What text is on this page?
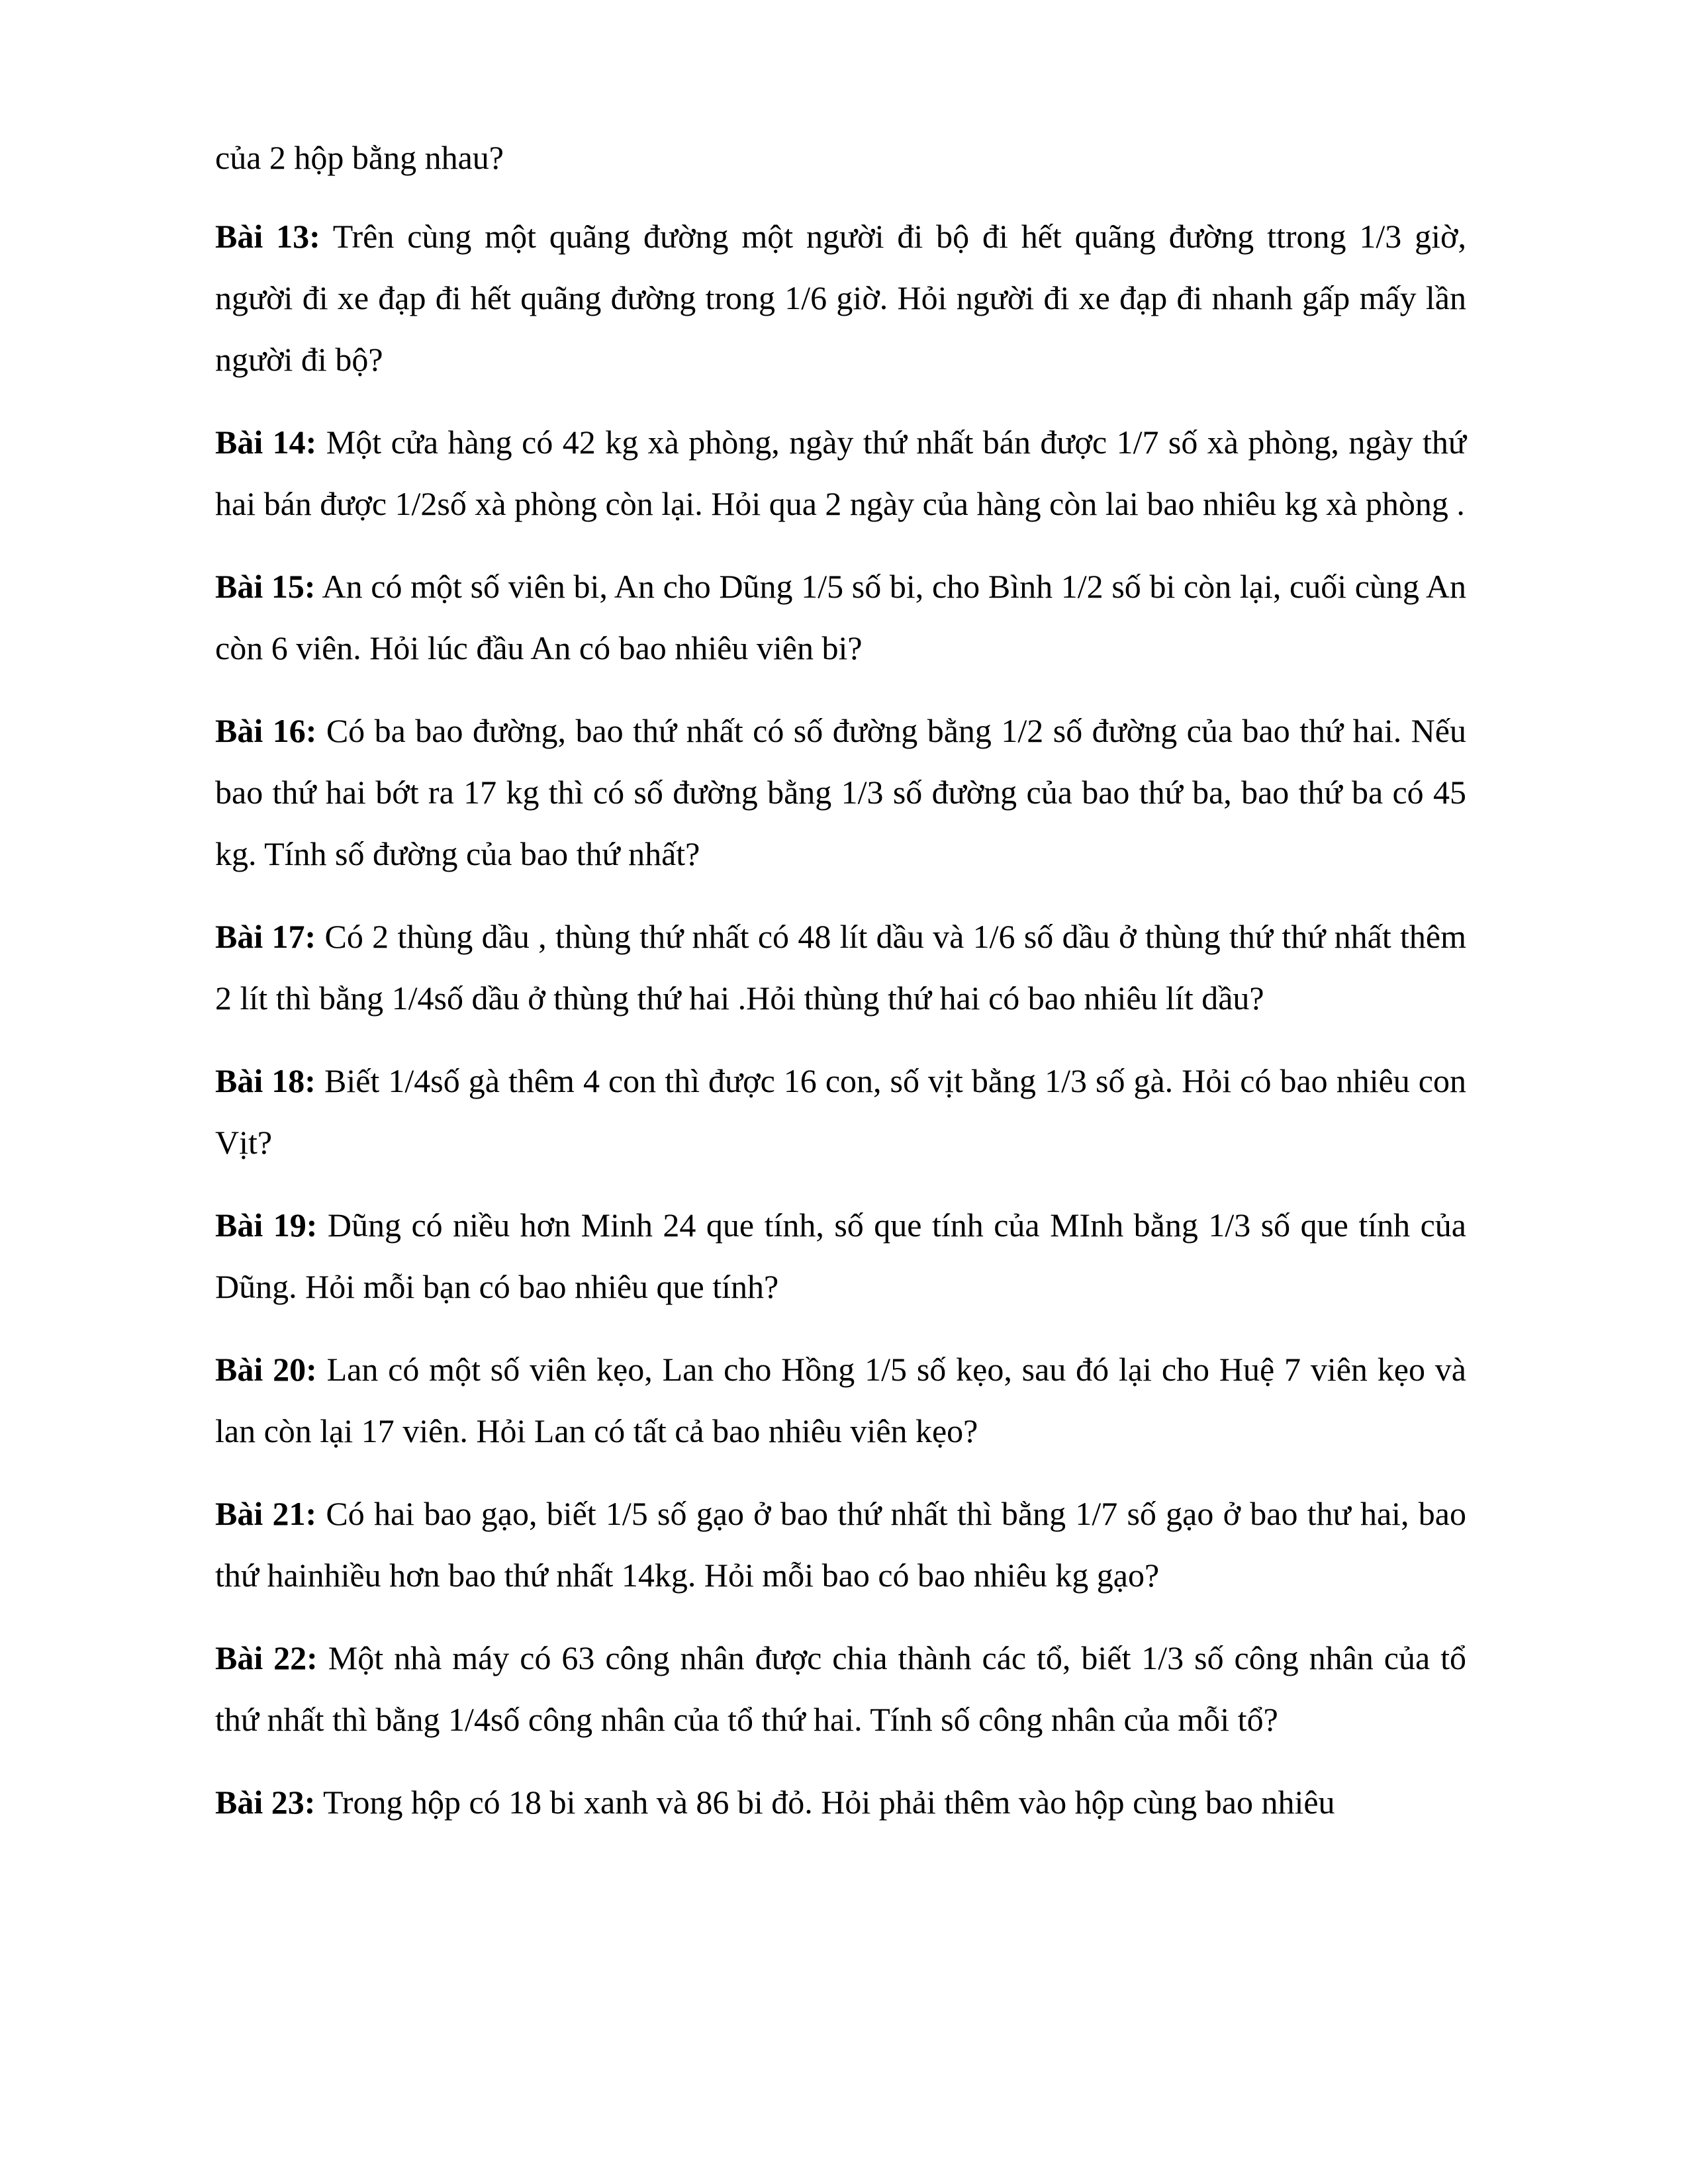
của 2 hộp bằng nhau?

Bài 13: Trên cùng một quãng đường một người đi bộ đi hết quãng đường ttrong 1/3 giờ, người đi xe đạp đi hết quãng đường trong 1/6 giờ. Hỏi người đi xe đạp đi nhanh gấp mấy lần người đi bộ?

Bài 14: Một cửa hàng có 42 kg xà phòng, ngày thứ nhất bán được 1/7 số xà phòng, ngày thứ hai bán được 1/2số xà phòng còn lại. Hỏi qua 2 ngày của hàng còn lai bao nhiêu kg xà phòng .

Bài 15: An có một số viên bi, An cho Dũng 1/5 số bi, cho Bình 1/2 số bi còn lại, cuối cùng An còn 6 viên. Hỏi lúc đầu An có bao nhiêu viên bi?

Bài 16: Có ba bao đường, bao thứ nhất có số đường bằng 1/2 số đường của bao thứ hai. Nếu bao thứ hai bớt ra 17 kg thì có số đường bằng 1/3 số đường của bao thứ ba, bao thứ ba có 45 kg. Tính số đường của bao thứ nhất?

Bài 17: Có 2 thùng dầu , thùng thứ nhất có 48 lít dầu và 1/6 số dầu ở thùng thứ thứ nhất thêm 2 lít thì bằng 1/4số dầu ở thùng thứ hai .Hỏi thùng thứ hai có bao nhiêu lít dầu?

Bài 18: Biết 1/4số gà thêm 4 con thì được 16 con, số vịt bằng 1/3 số gà. Hỏi có bao nhiêu con Vịt?

Bài 19: Dũng có niều hơn Minh 24 que tính, số que tính của MInh bằng 1/3 số que tính của Dũng. Hỏi mỗi bạn có bao nhiêu que tính?

Bài 20: Lan có một số viên kẹo, Lan cho Hồng 1/5 số kẹo, sau đó lại cho Huệ 7 viên kẹo và lan còn lại 17 viên. Hỏi Lan có tất cả bao nhiêu viên kẹo?

Bài 21: Có hai bao gạo, biết 1/5 số gạo ở bao thứ nhất thì bằng 1/7 số gạo ở bao thư hai, bao thứ hainhiều hơn bao thứ nhất 14kg. Hỏi mỗi bao có bao nhiêu kg gạo?

Bài 22: Một nhà máy có 63 công nhân được chia thành các tổ, biết 1/3 số công nhân của tổ thứ nhất thì bằng 1/4số công nhân của tổ thứ hai. Tính số công nhân của mỗi tổ?

Bài 23: Trong hộp có 18 bi xanh và 86 bi đỏ. Hỏi phải thêm vào hộp cùng bao nhiêu
